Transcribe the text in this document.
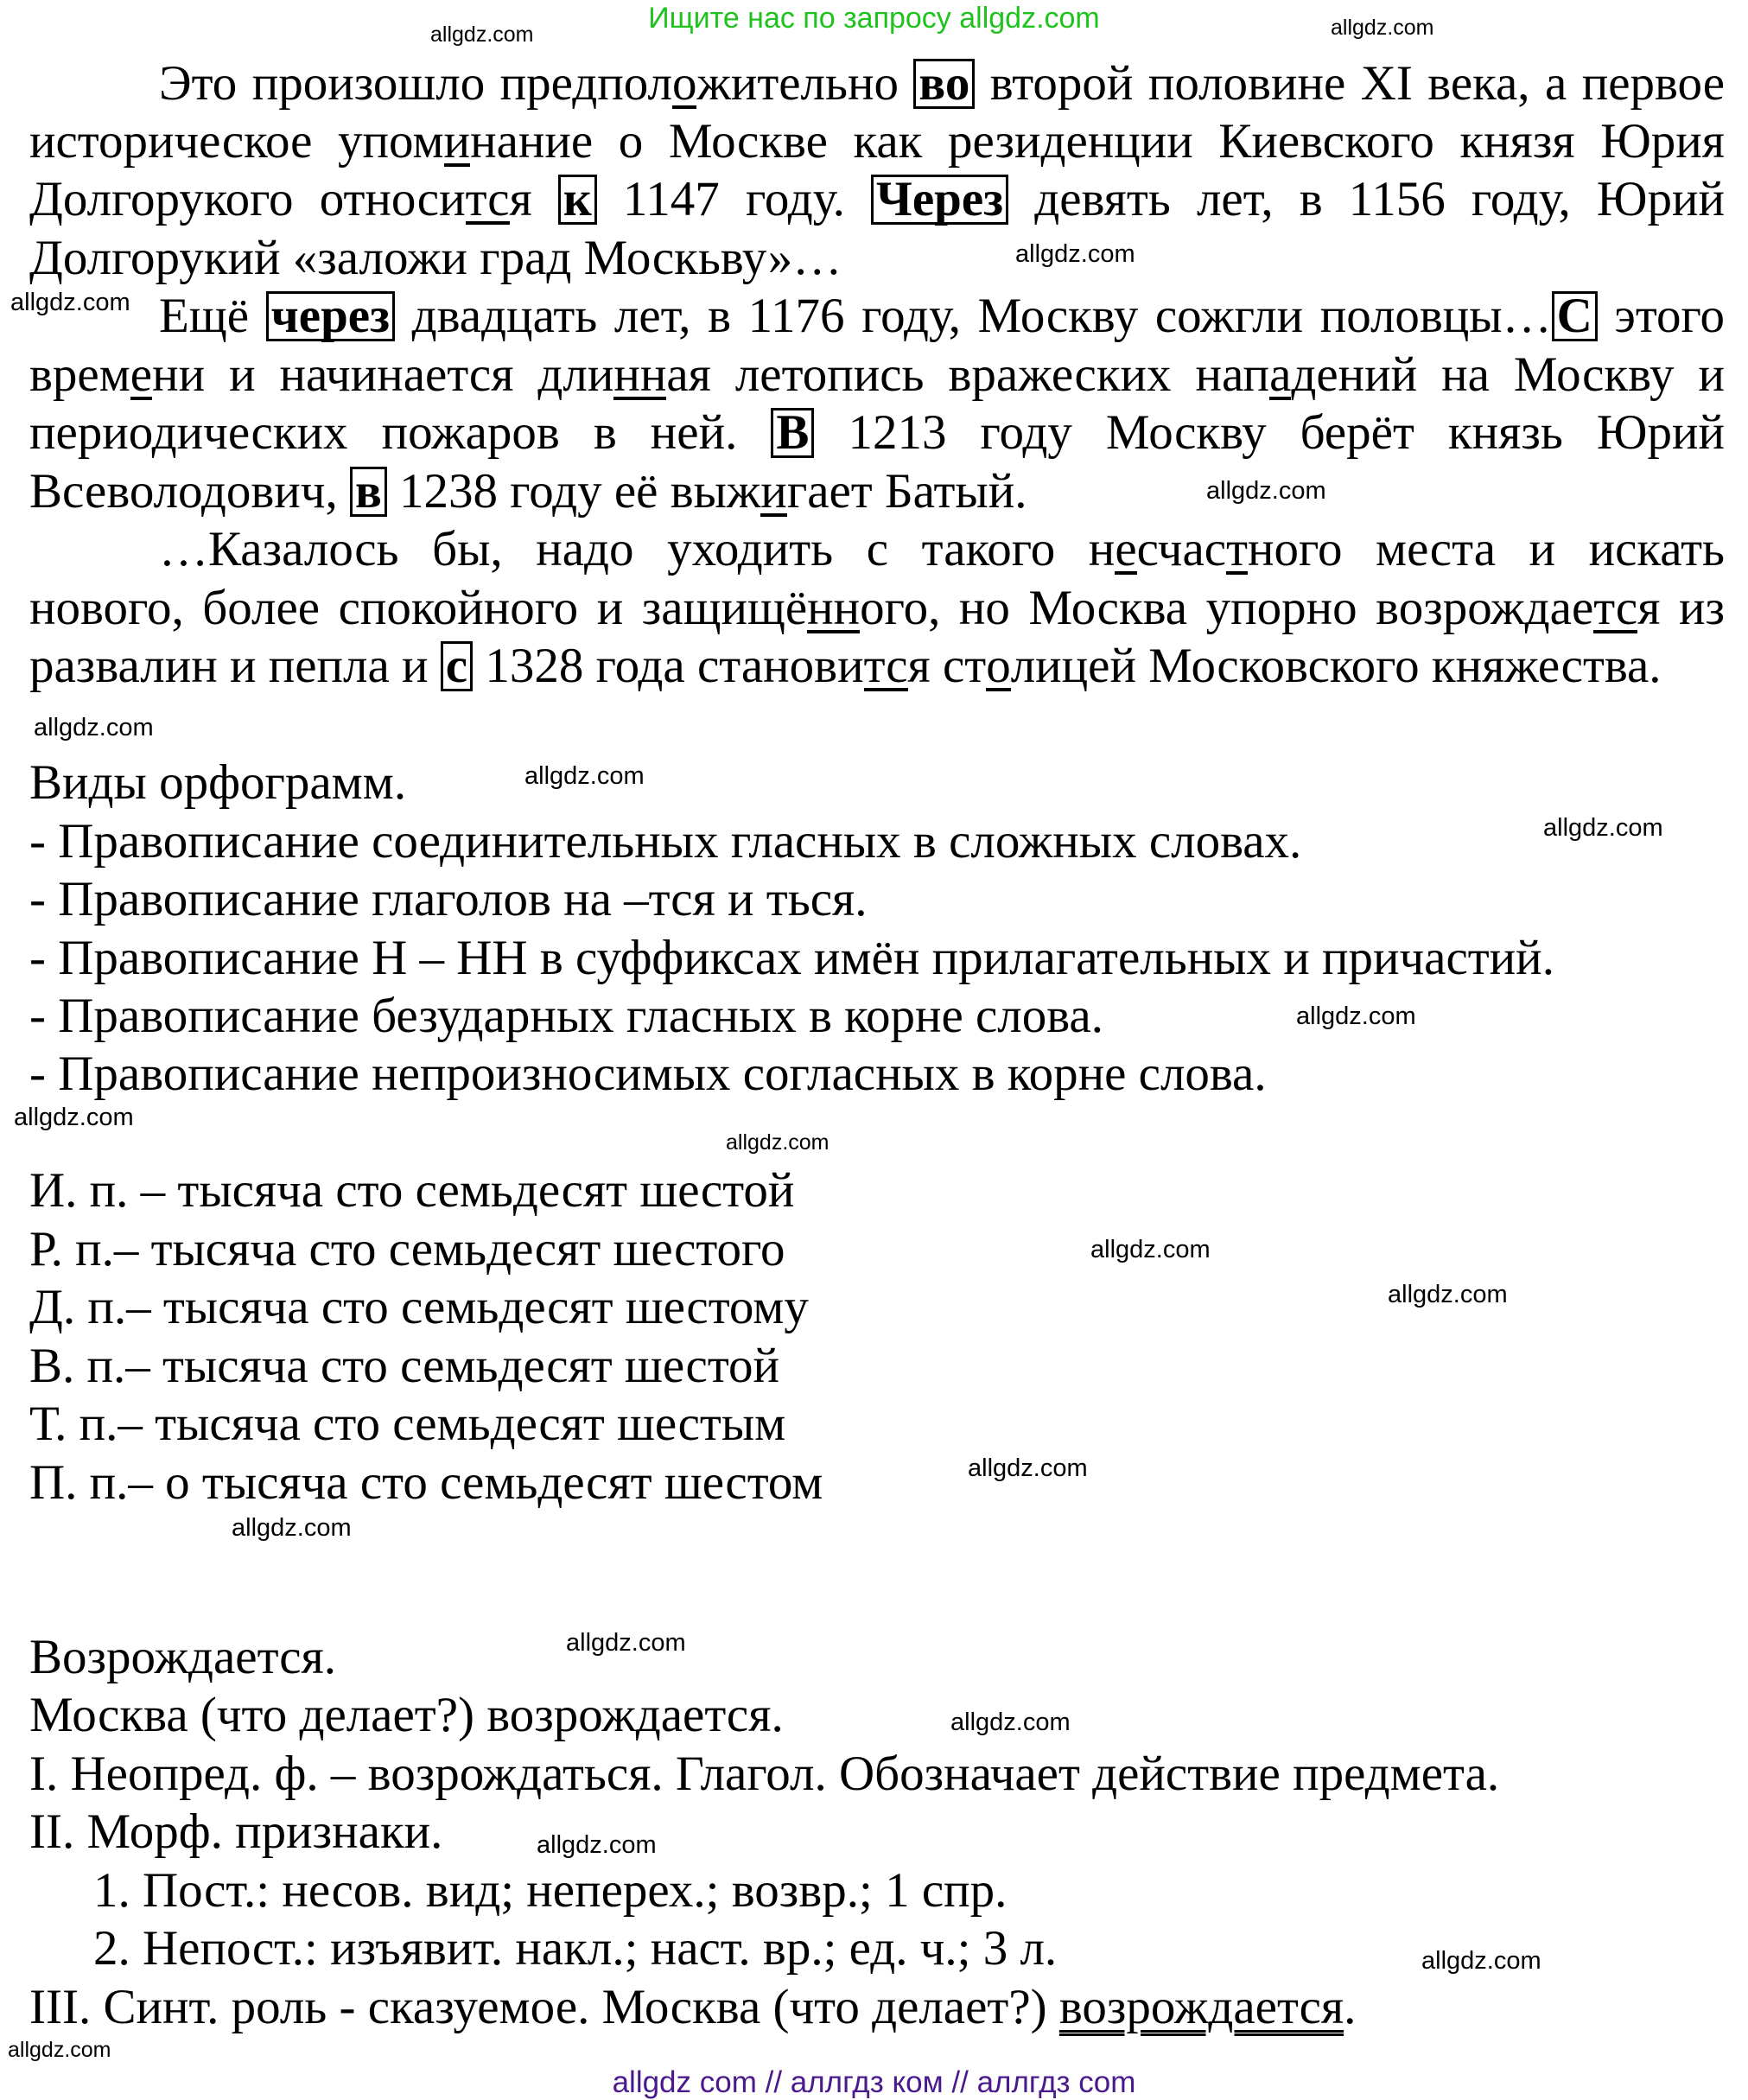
Ищите нас по запросу allgdz.com
Это произошло предположительно во второй половине XI века, а первое
историческое упоминание о Москве как резиденции Киевского князя Юрия
Долгорукого относится к 1147 году. Через девять лет, в 1156 году, Юрий
Долгорукий «заложи град Москьву»…
Ещё через двадцать лет, в 1176 году, Москву сожгли половцы… С этого
времени и начинается длинная летопись вражеских нападений на Москву и
периодических пожаров в ней. В 1213 году Москву берёт князь Юрий
Всеволодович, в 1238 году её выжигает Батый.
…Казалось бы, надо уходить с такого несчастного места и искать
нового, более спокойного и защищённого, но Москва упорно возрождается из
развалин и пепла и с 1328 года становится столицей Московского княжества.
Виды орфограмм.
- Правописание соединительных гласных в сложных словах.
- Правописание глаголов на –тся и ться.
- Правописание Н – НН в суффиксах имён прилагательных и причастий.
- Правописание безударных гласных в корне слова.
- Правописание непроизносимых согласных в корне слова.
И. п. – тысяча сто семьдесят шестой
Р. п.– тысяча сто семьдесят шестого
Д. п.– тысяча сто семьдесят шестому
В. п.– тысяча сто семьдесят шестой
Т. п.– тысяча сто семьдесят шестым
П. п.– о тысяча сто семьдесят шестом
Возрождается.
Москва (что делает?) возрождается.
I. Неопред. ф. – возрождаться. Глагол. Обозначает действие предмета.
II. Морф. признаки.
1. Пост.: несов. вид; неперех.; возвр.; 1 спр.
2. Непост.: изъявит. накл.; наст. вр.; ед. ч.; 3 л.
III. Синт. роль - сказуемое. Москва (что делает?) возрождается.
allgdz com // аллгдз ком // аллгдз com
allgdz.com	allgdz.com
allgdz.com
allgdz.com
allgdz.com
allgdz.com
allgdz.com
allgdz.com
allgdz.com
allgdz.com
allgdz.com
allgdz.com
allgdz.com
allgdz.com
allgdz.com
allgdz.com
allgdz.com
allgdz.com
allgdz.com
allgdz.com
